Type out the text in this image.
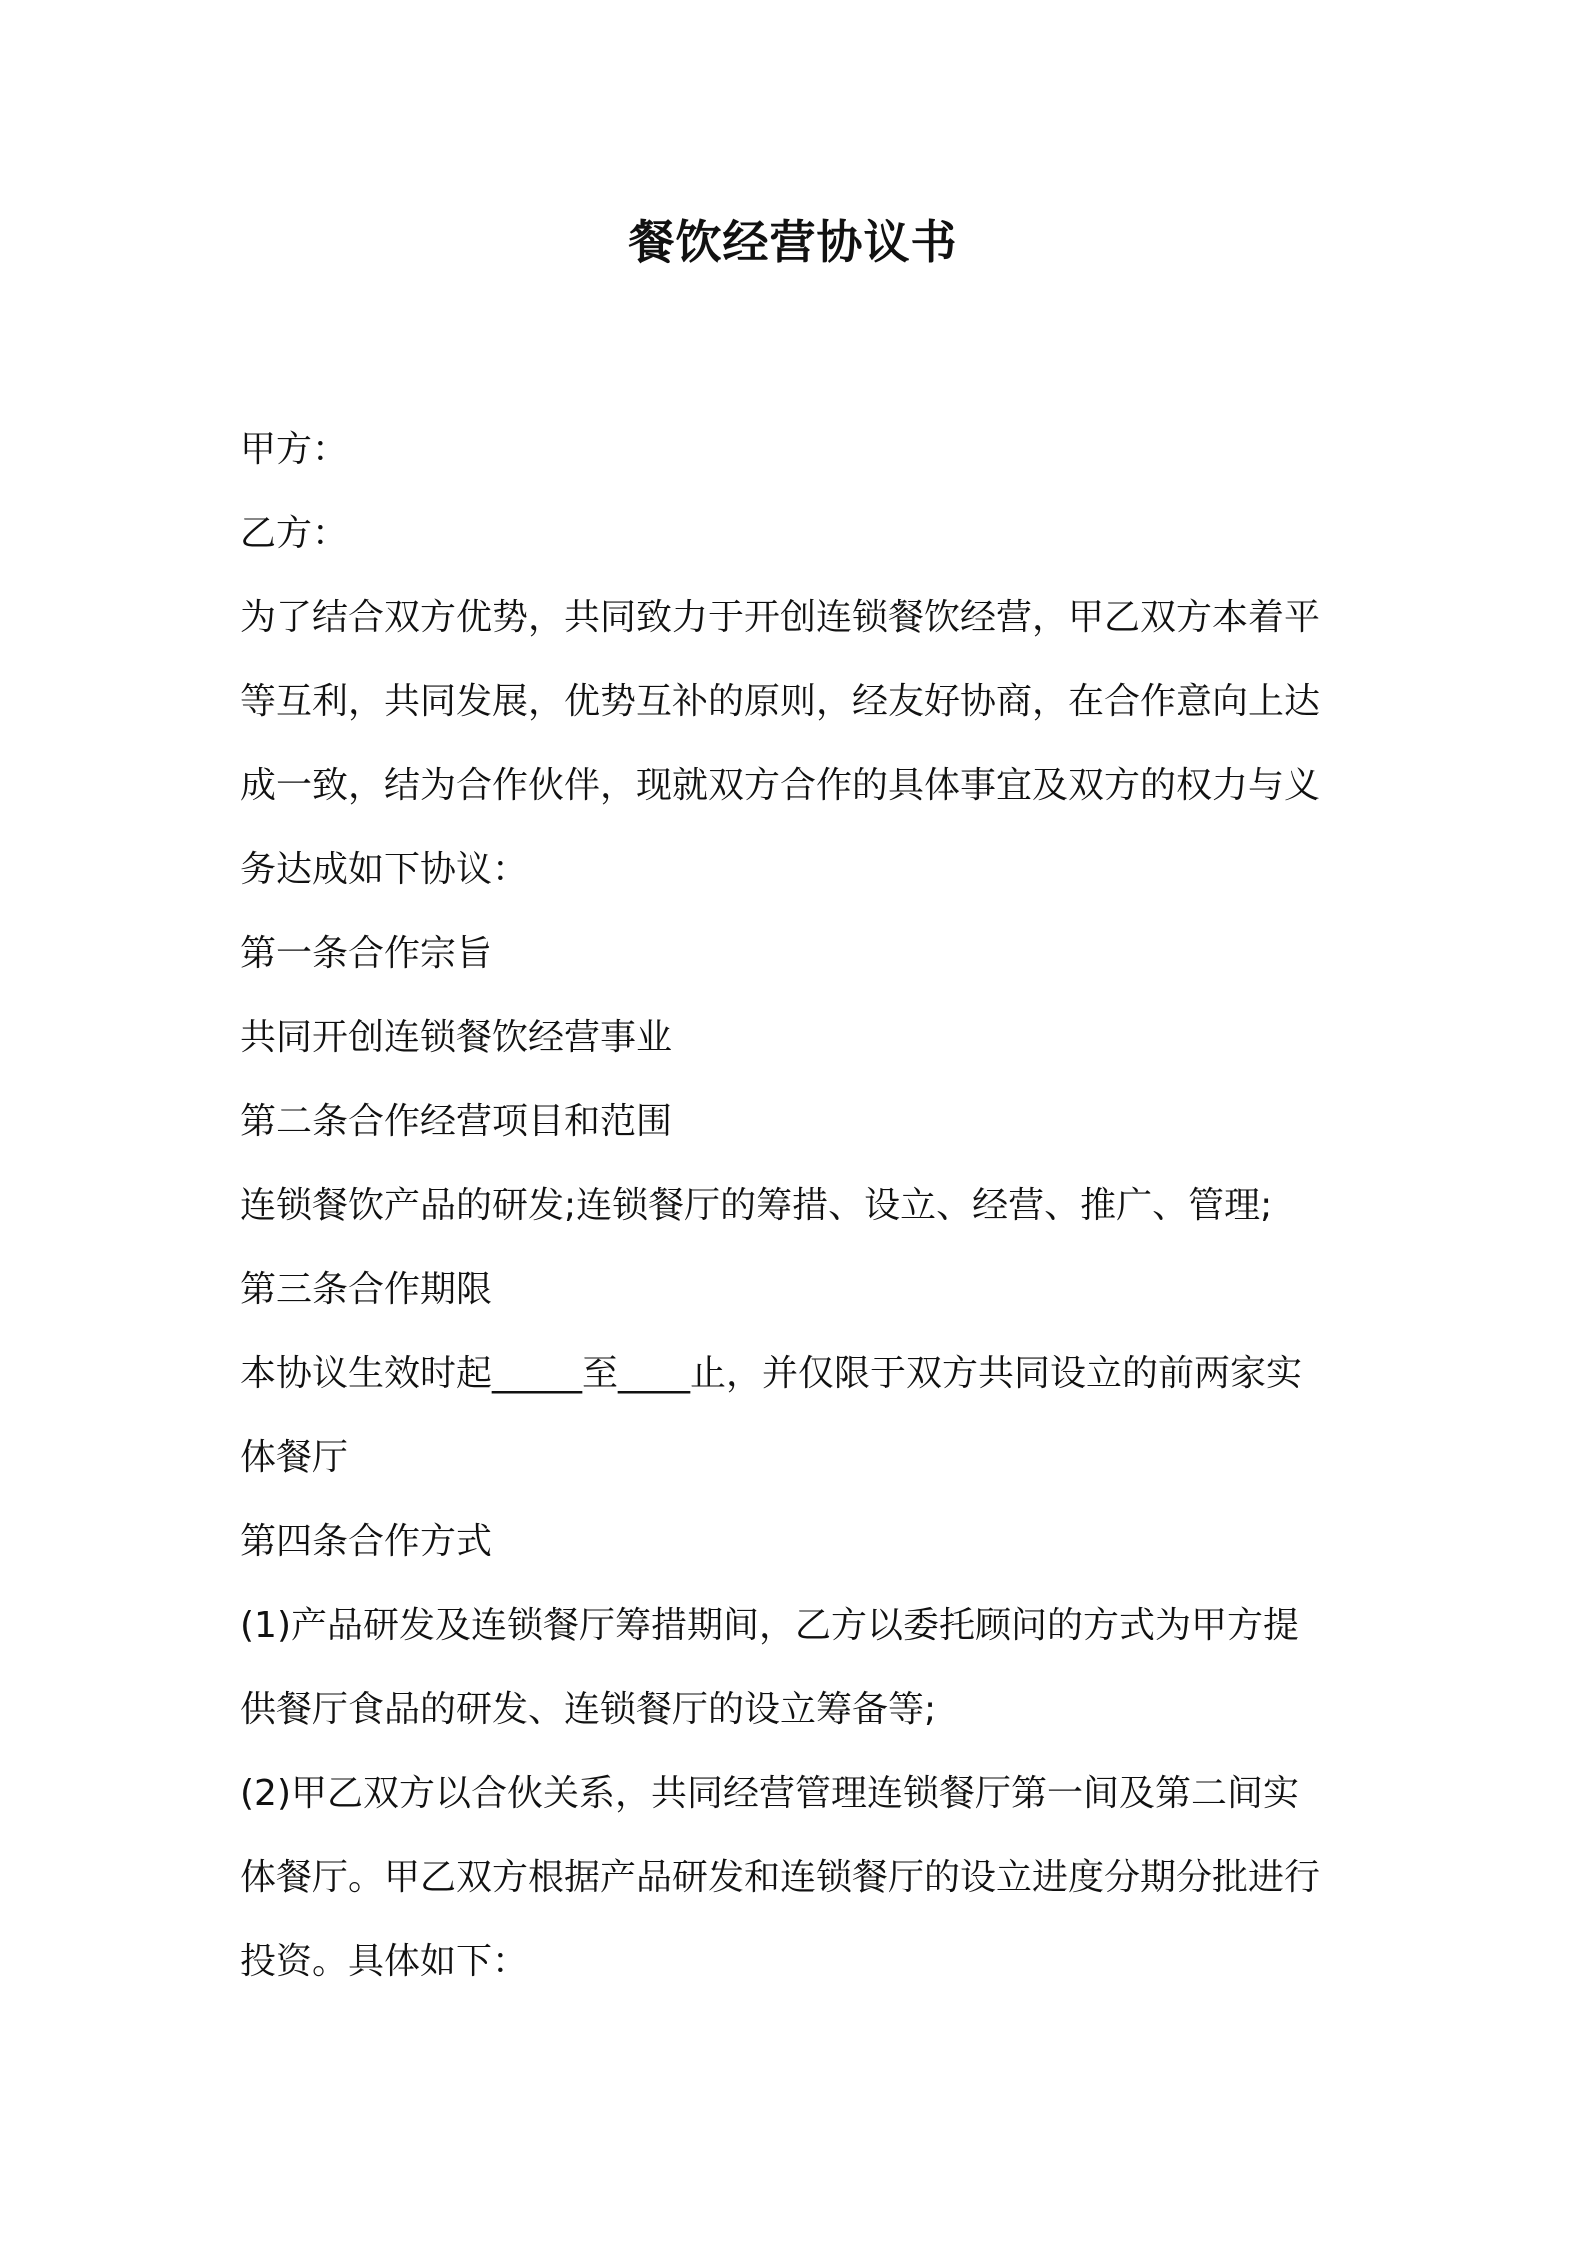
餐饮经营协议书
甲方：
乙方：
为了结合双方优势，共同致力于开创连锁餐饮经营，甲乙双方本着平
等互利，共同发展，优势互补的原则，经友好协商，在合作意向上达
成一致，结为合作伙伴，现就双方合作的具体事宜及双方的权力与义
务达成如下协议：
第一条合作宗旨
共同开创连锁餐饮经营事业
第二条合作经营项目和范围
连锁餐饮产品的研发;连锁餐厅的筹措、设立、经营、推广、管理;
第三条合作期限
本协议生效时起_____至____止，并仅限于双方共同设立的前两家实
体餐厅
第四条合作方式
(1)产品研发及连锁餐厅筹措期间，乙方以委托顾问的方式为甲方提
供餐厅食品的研发、连锁餐厅的设立筹备等;
(2)甲乙双方以合伙关系，共同经营管理连锁餐厅第一间及第二间实
体餐厅。甲乙双方根据产品研发和连锁餐厅的设立进度分期分批进行
投资。具体如下：
